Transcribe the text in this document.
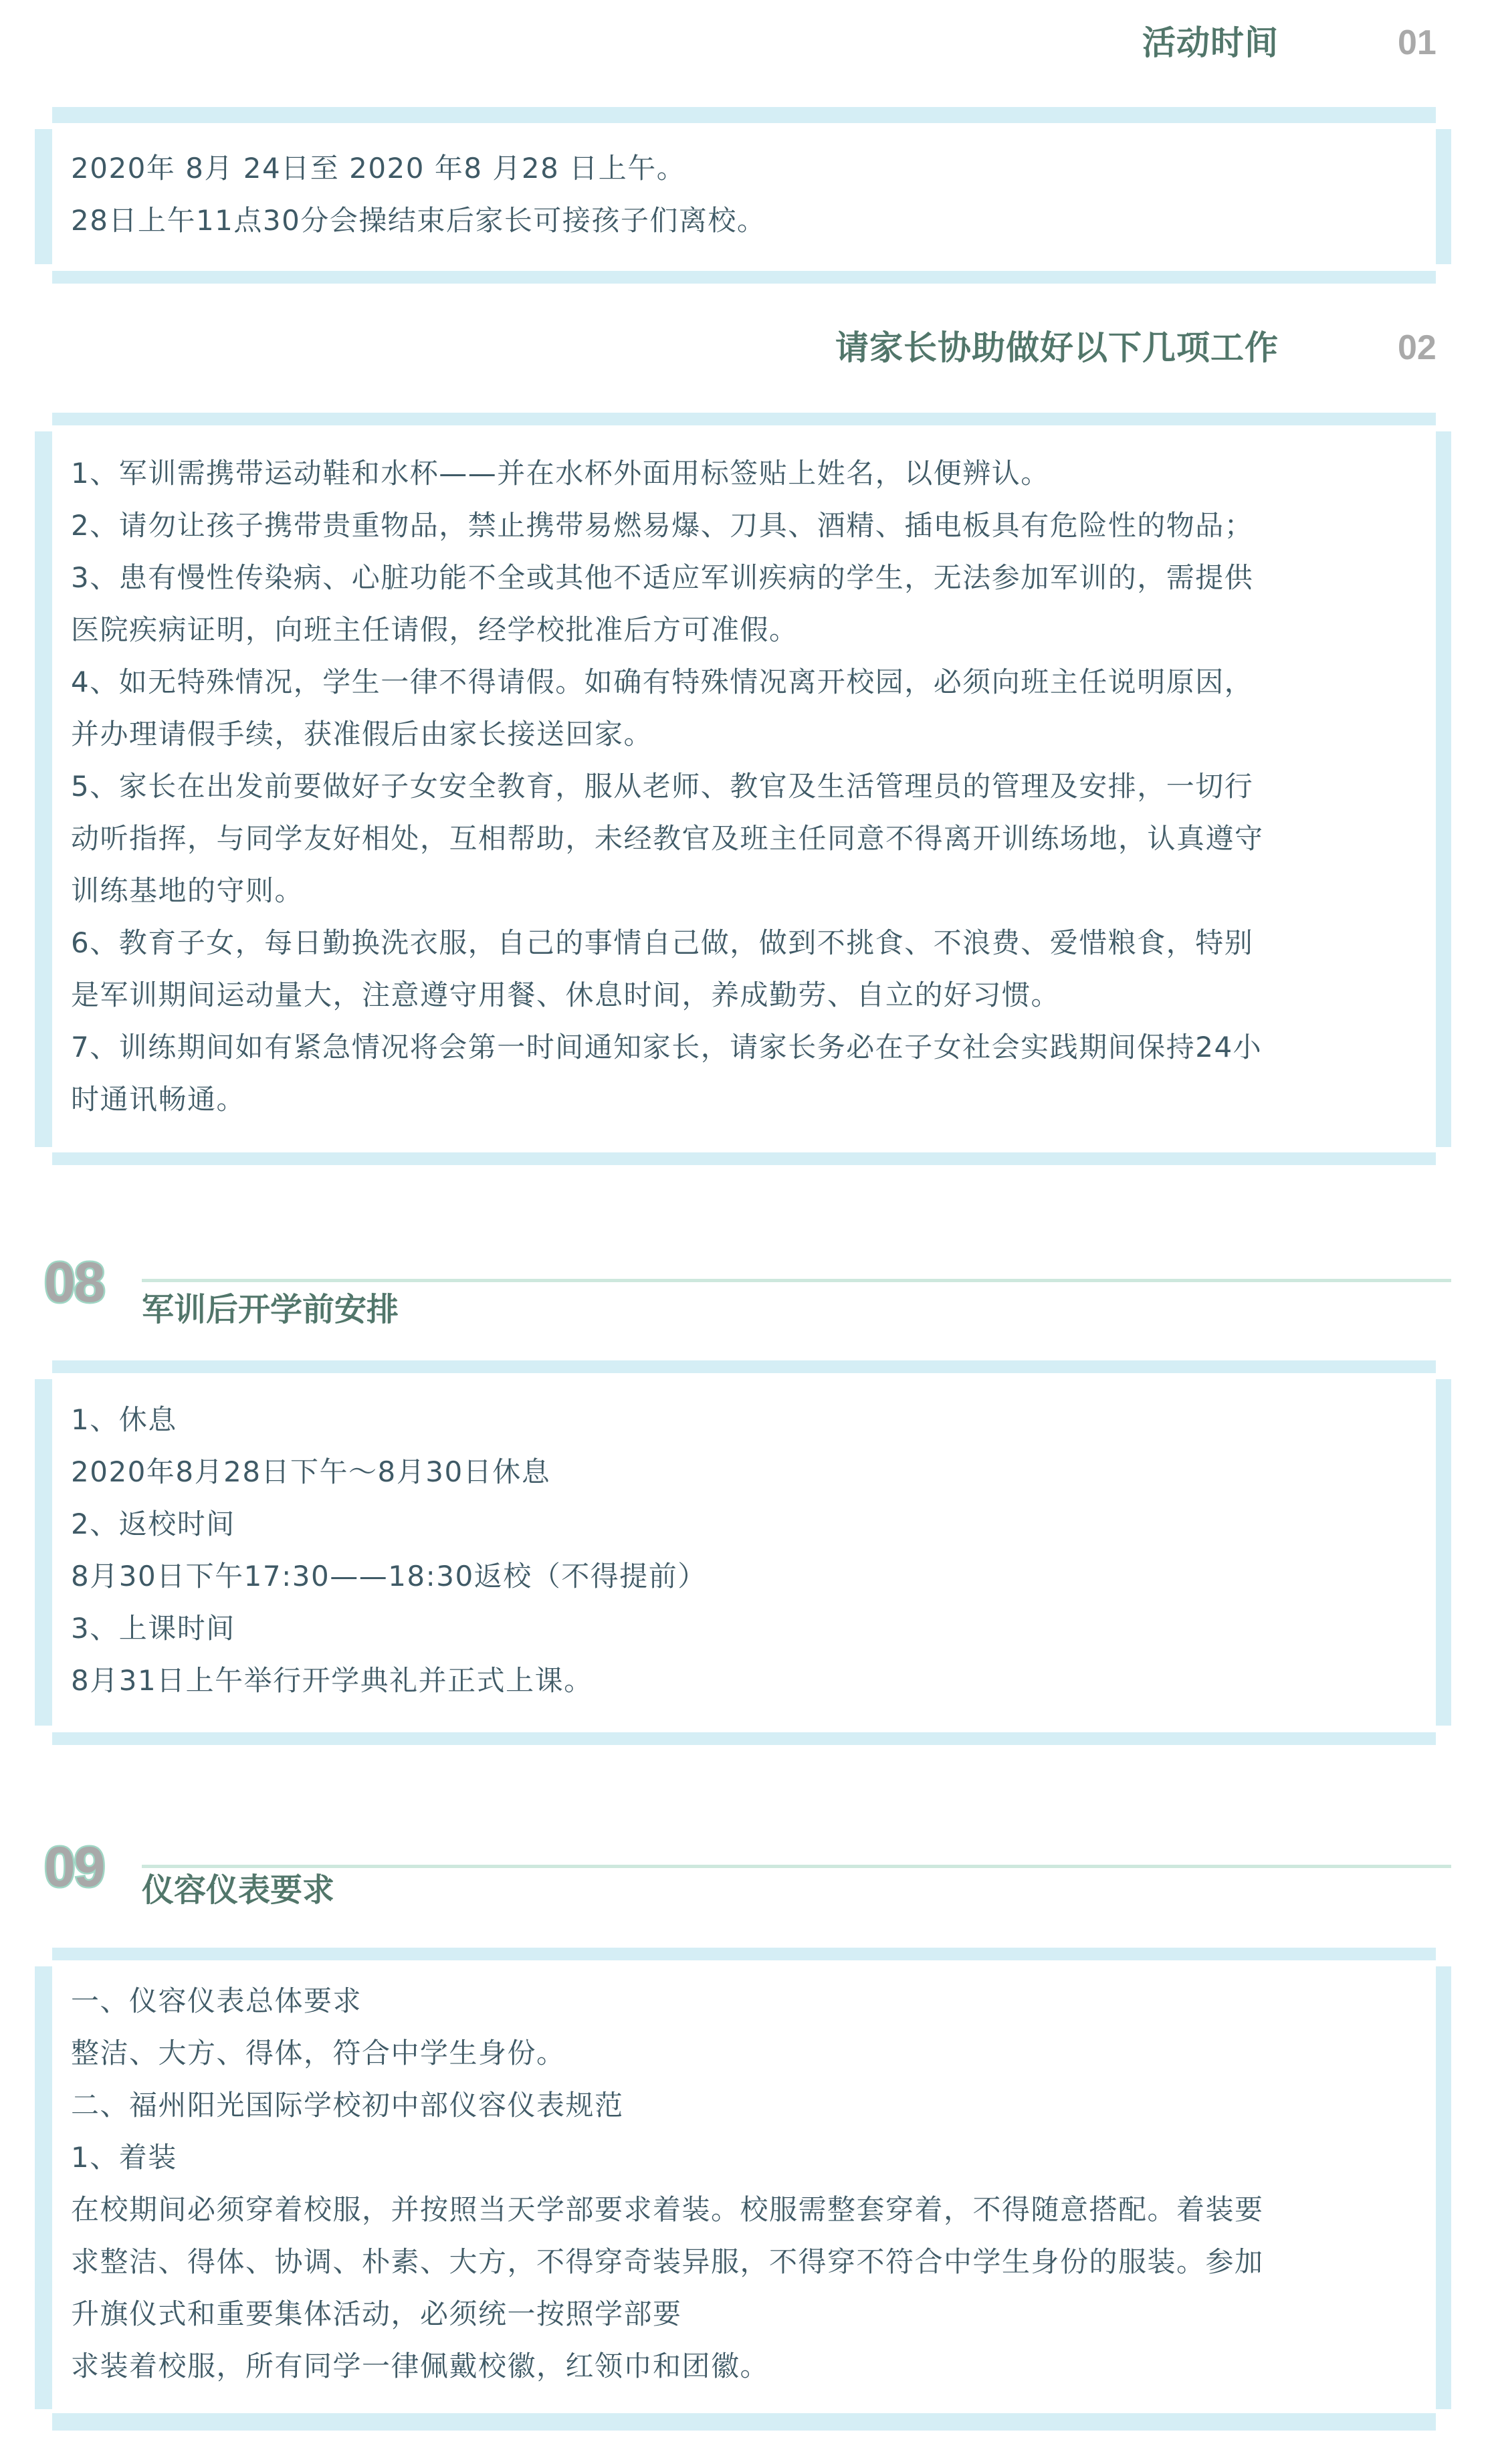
活动时间	01
2020年 8月 24日至 2020 年8 月28 日上午。
28日上午11点30分会操结束后家长可接孩子们离校。
请家长协助做好以下几项工作	02
1、军训需携带运动鞋和水杯——并在水杯外面用标签贴上姓名，以便辨认。
2、请勿让孩子携带贵重物品，禁止携带易燃易爆、刀具、酒精、插电板具有危险性的物品；
3、患有慢性传染病、心脏功能不全或其他不适应军训疾病的学生，无法参加军训的，需提供
医院疾病证明，向班主任请假，经学校批准后方可准假。
4、如无特殊情况，学生一律不得请假。如确有特殊情况离开校园，必须向班主任说明原因，
并办理请假手续，获准假后由家长接送回家。
5、家长在出发前要做好子女安全教育，服从老师、教官及生活管理员的管理及安排，一切行
动听指挥，与同学友好相处，互相帮助，未经教官及班主任同意不得离开训练场地，认真遵守
训练基地的守则。
6、教育子女，每日勤换洗衣服，自己的事情自己做，做到不挑食、不浪费、爱惜粮食，特别
是军训期间运动量大，注意遵守用餐、休息时间，养成勤劳、自立的好习惯。
7、训练期间如有紧急情况将会第一时间通知家长，请家长务必在子女社会实践期间保持24小
时通讯畅通。
08 军训后开学前安排
1、休息
2020年8月28日下午～8月30日休息
2、返校时间
8月30日下午17:30——18:30返校（不得提前）
3、上课时间
8月31日上午举行开学典礼并正式上课。
09 仪容仪表要求
一、仪容仪表总体要求
整洁、大方、得体，符合中学生身份。
二、福州阳光国际学校初中部仪容仪表规范
1、着装
在校期间必须穿着校服，并按照当天学部要求着装。校服需整套穿着，不得随意搭配。着装要
求整洁、得体、协调、朴素、大方，不得穿奇装异服，不得穿不符合中学生身份的服装。参加
升旗仪式和重要集体活动，必须统一按照学部要
求装着校服，所有同学一律佩戴校徽，红领巾和团徽。
